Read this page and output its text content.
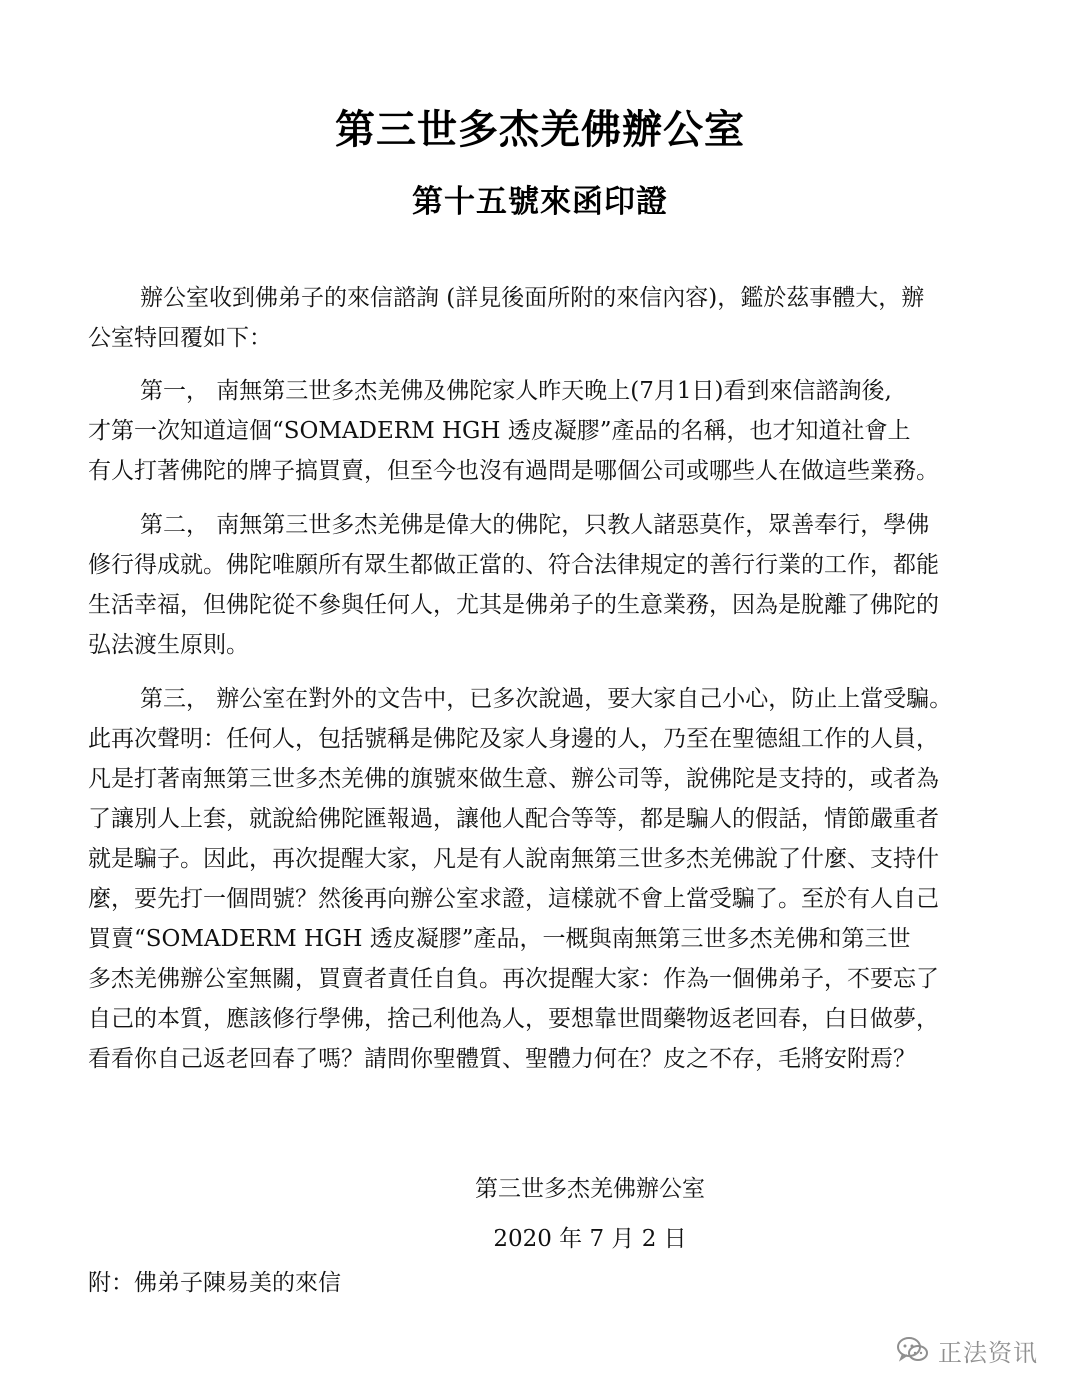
第三世多杰羌佛辦公室
第十五號來函印證
辦公室收到佛弟子的來信諮詢 (詳見後面所附的來信內容)，鑑於茲事體大，辦
公室特回覆如下：
第一， 南無第三世多杰羌佛及佛陀家人昨天晚上(7月1日)看到來信諮詢後,
才第一次知道這個“SOMADERM HGH 透皮凝膠”產品的名稱，也才知道社會上
有人打著佛陀的牌子搞買賣，但至今也沒有過問是哪個公司或哪些人在做這些業務。
第二， 南無第三世多杰羌佛是偉大的佛陀，只教人諸惡莫作，眾善奉行，學佛
修行得成就。佛陀唯願所有眾生都做正當的、符合法律規定的善行行業的工作，都能
生活幸福，但佛陀從不參與任何人，尤其是佛弟子的生意業務，因為是脫離了佛陀的
弘法渡生原則。
第三， 辦公室在對外的文告中，已多次說過，要大家自己小心，防止上當受騙。
此再次聲明：任何人，包括號稱是佛陀及家人身邊的人，乃至在聖德組工作的人員，
凡是打著南無第三世多杰羌佛的旗號來做生意、辦公司等，說佛陀是支持的，或者為
了讓別人上套，就說給佛陀匯報過，讓他人配合等等，都是騙人的假話，情節嚴重者
就是騙子。因此，再次提醒大家，凡是有人說南無第三世多杰羌佛說了什麼、支持什
麼，要先打一個問號？然後再向辦公室求證，這樣就不會上當受騙了。至於有人自己
買賣“SOMADERM HGH 透皮凝膠”產品，一概與南無第三世多杰羌佛和第三世
多杰羌佛辦公室無關，買賣者責任自負。再次提醒大家：作為一個佛弟子，不要忘了
自己的本質，應該修行學佛，捨己利他為人，要想靠世間藥物返老回春，白日做夢，
看看你自己返老回春了嗎？請問你聖體質、聖體力何在？皮之不存，毛將安附焉？
第三世多杰羌佛辦公室
2020 年 7 月 2 日
附：佛弟子陳易美的來信
正法资讯
